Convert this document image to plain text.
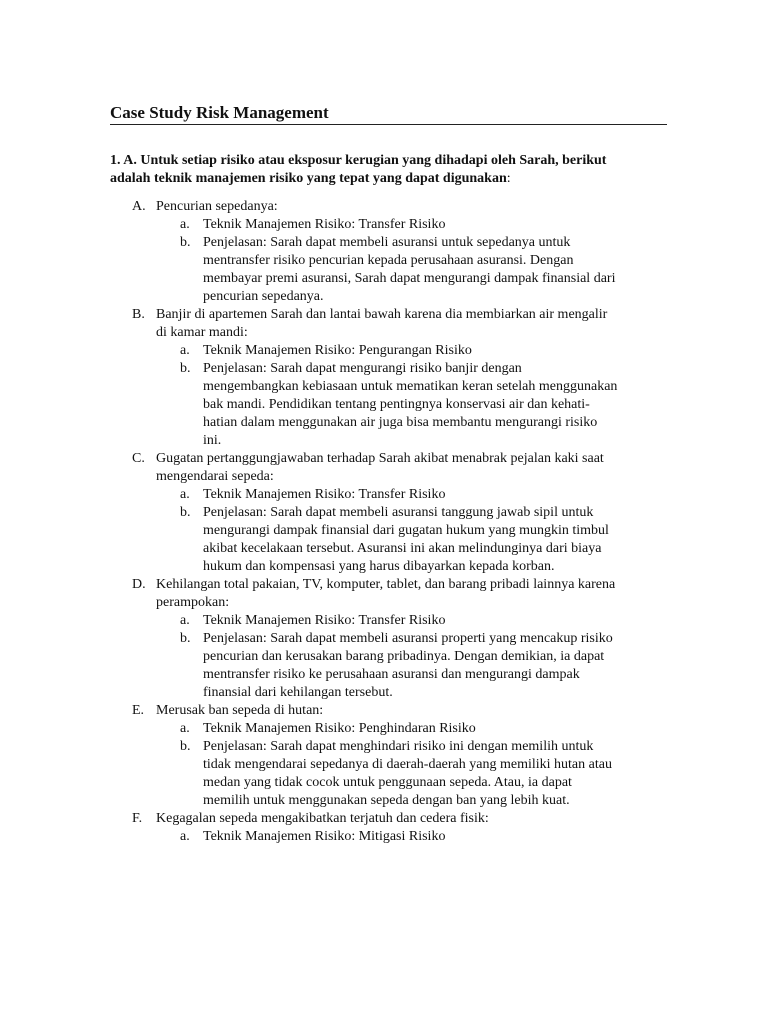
Case Study Risk Management

1. A. Untuk setiap risiko atau eksposur kerugian yang dihadapi oleh Sarah, berikut adalah teknik manajemen risiko yang tepat yang dapat digunakan:

A. Pencurian sepedanya:
a. Teknik Manajemen Risiko: Transfer Risiko
b. Penjelasan: Sarah dapat membeli asuransi untuk sepedanya untuk mentransfer risiko pencurian kepada perusahaan asuransi. Dengan membayar premi asuransi, Sarah dapat mengurangi dampak finansial dari pencurian sepedanya.
B. Banjir di apartemen Sarah dan lantai bawah karena dia membiarkan air mengalir di kamar mandi:
a. Teknik Manajemen Risiko: Pengurangan Risiko
b. Penjelasan: Sarah dapat mengurangi risiko banjir dengan mengembangkan kebiasaan untuk mematikan keran setelah menggunakan bak mandi. Pendidikan tentang pentingnya konservasi air dan kehati-hatian dalam menggunakan air juga bisa membantu mengurangi risiko ini.
C. Gugatan pertanggungjawaban terhadap Sarah akibat menabrak pejalan kaki saat mengendarai sepeda:
a. Teknik Manajemen Risiko: Transfer Risiko
b. Penjelasan: Sarah dapat membeli asuransi tanggung jawab sipil untuk mengurangi dampak finansial dari gugatan hukum yang mungkin timbul akibat kecelakaan tersebut. Asuransi ini akan melindunginya dari biaya hukum dan kompensasi yang harus dibayarkan kepada korban.
D. Kehilangan total pakaian, TV, komputer, tablet, dan barang pribadi lainnya karena perampokan:
a. Teknik Manajemen Risiko: Transfer Risiko
b. Penjelasan: Sarah dapat membeli asuransi properti yang mencakup risiko pencurian dan kerusakan barang pribadinya. Dengan demikian, ia dapat mentransfer risiko ke perusahaan asuransi dan mengurangi dampak finansial dari kehilangan tersebut.
E. Merusak ban sepeda di hutan:
a. Teknik Manajemen Risiko: Penghindaran Risiko
b. Penjelasan: Sarah dapat menghindari risiko ini dengan memilih untuk tidak mengendarai sepedanya di daerah-daerah yang memiliki hutan atau medan yang tidak cocok untuk penggunaan sepeda. Atau, ia dapat memilih untuk menggunakan sepeda dengan ban yang lebih kuat.
F. Kegagalan sepeda mengakibatkan terjatuh dan cedera fisik:
a. Teknik Manajemen Risiko: Mitigasi Risiko
